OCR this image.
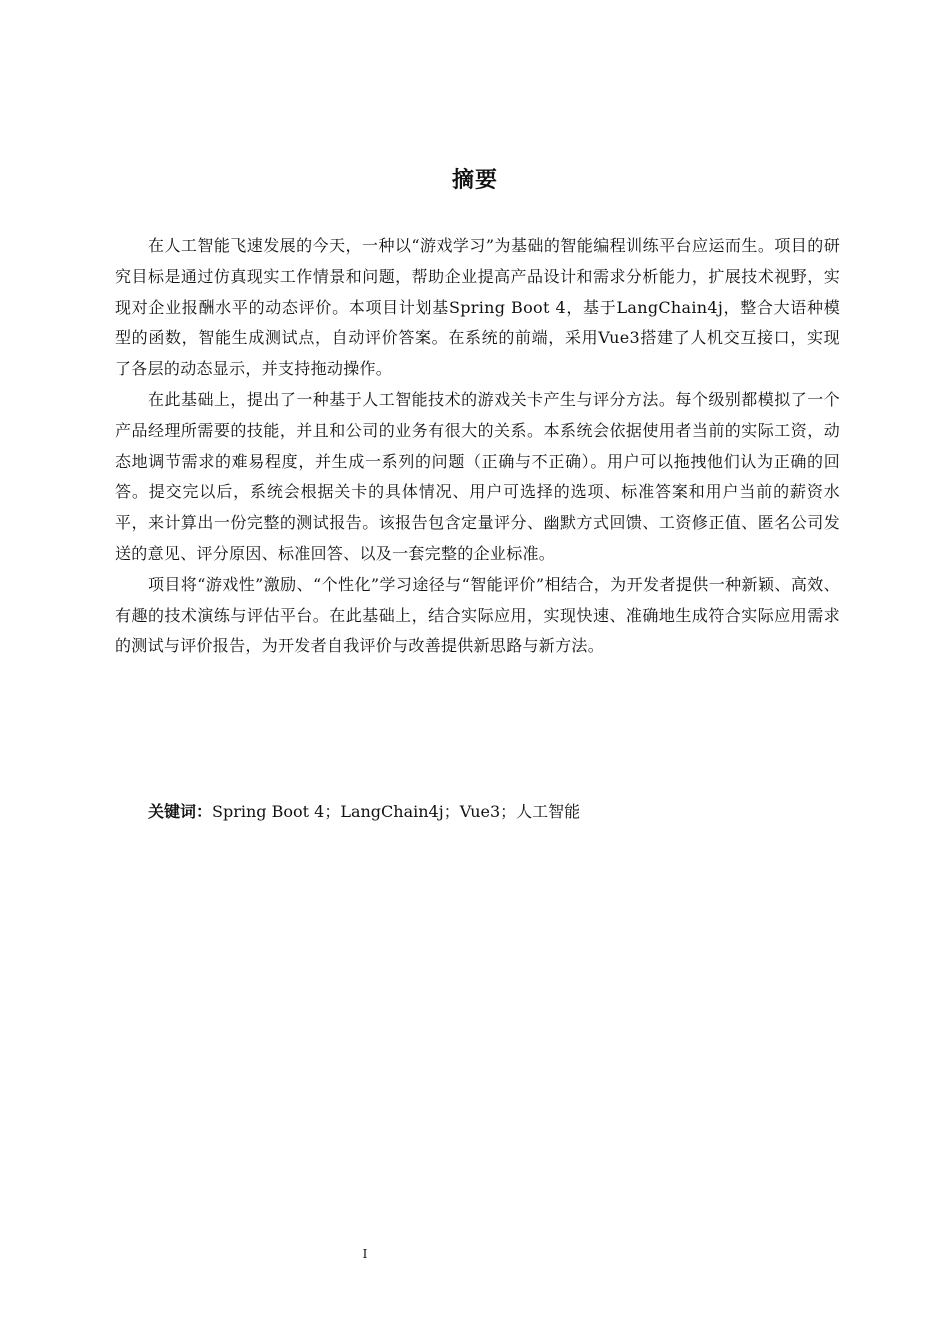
摘要

在人工智能飞速发展的今天，一种以“游戏学习”为基础的智能编程训练平台应运而生。项目的研究目标是通过仿真现实工作情景和问题，帮助企业提高产品设计和需求分析能力，扩展技术视野，实现对企业报酬水平的动态评价。本项目计划基Spring Boot 4，基于LangChain4j，整合大语种模型的函数，智能生成测试点，自动评价答案。在系统的前端，采用Vue3搭建了人机交互接口，实现了各层的动态显示，并支持拖动操作。

在此基础上，提出了一种基于人工智能技术的游戏关卡产生与评分方法。每个级别都模拟了一个产品经理所需要的技能，并且和公司的业务有很大的关系。本系统会依据使用者当前的实际工资，动态地调节需求的难易程度，并生成一系列的问题（正确与不正确）。用户可以拖拽他们认为正确的回答。提交完以后，系统会根据关卡的具体情况、用户可选择的选项、标准答案和用户当前的薪资水平，来计算出一份完整的测试报告。该报告包含定量评分、幽默方式回馈、工资修正值、匿名公司发送的意见、评分原因、标准回答、以及一套完整的企业标准。

项目将“游戏性”激励、“个性化”学习途径与“智能评价”相结合，为开发者提供一种新颖、高效、有趣的技术演练与评估平台。在此基础上，结合实际应用，实现快速、准确地生成符合实际应用需求的测试与评价报告，为开发者自我评价与改善提供新思路与新方法。

关键词：Spring Boot 4；LangChain4j；Vue3；人工智能
I
